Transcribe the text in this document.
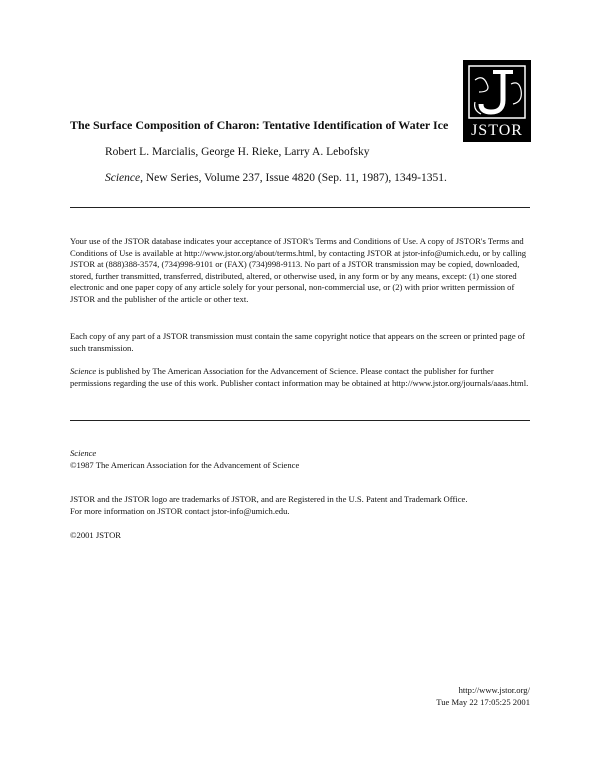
JSTOR
The Surface Composition of Charon: Tentative Identification of Water Ice
Robert L. Marcialis, George H. Rieke, Larry A. Lebofsky
Science, New Series, Volume 237, Issue 4820 (Sep. 11, 1987), 1349-1351.
Your use of the JSTOR database indicates your acceptance of JSTOR's Terms and Conditions of Use. A copy of JSTOR's Terms and Conditions of Use is available at http://www.jstor.org/about/terms.html, by contacting JSTOR at jstor-info@umich.edu, or by calling JSTOR at (888)388-3574, (734)998-9101 or (FAX) (734)998-9113. No part of a JSTOR transmission may be copied, downloaded, stored, further transmitted, transferred, distributed, altered, or otherwise used, in any form or by any means, except: (1) one stored electronic and one paper copy of any article solely for your personal, non-commercial use, or (2) with prior written permission of JSTOR and the publisher of the article or other text.
Each copy of any part of a JSTOR transmission must contain the same copyright notice that appears on the screen or printed page of such transmission.
Science is published by The American Association for the Advancement of Science. Please contact the publisher for further permissions regarding the use of this work. Publisher contact information may be obtained at http://www.jstor.org/journals/aaas.html.
Science
©1987 The American Association for the Advancement of Science
JSTOR and the JSTOR logo are trademarks of JSTOR, and are Registered in the U.S. Patent and Trademark Office.
For more information on JSTOR contact jstor-info@umich.edu.
©2001 JSTOR
http://www.jstor.org/
Tue May 22 17:05:25 2001
